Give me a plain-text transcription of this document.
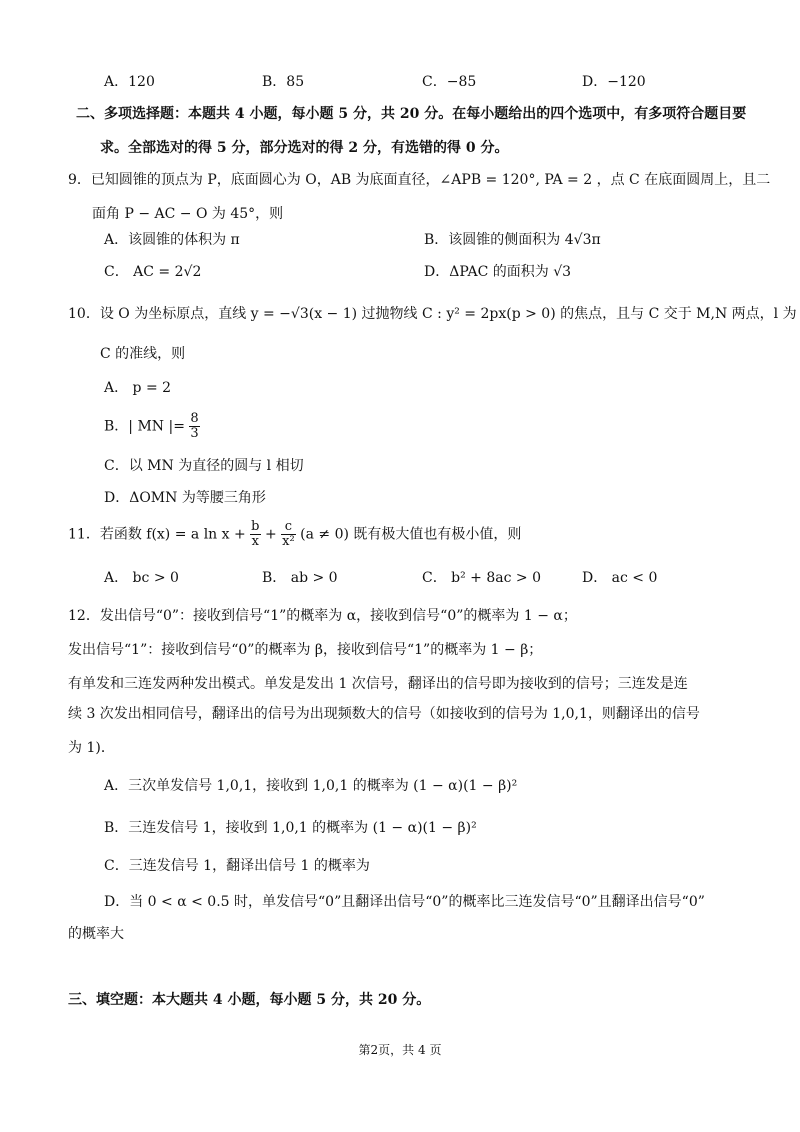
A．120	B．85	C．−85	D．−120
二、多项选择题：本题共 4 小题，每小题 5 分，共 20 分。在每小题给出的四个选项中，有多项符合题目要
求。全部选对的得 5 分，部分选对的得 2 分，有选错的得 0 分。
9．已知圆锥的顶点为 P，底面圆心为 O，AB 为底面直径，∠APB = 120°, PA = 2 ，点 C 在底面圆周上，且二
面角 P − AC − O 为 45°，则
A．该圆锥的体积为 π	B．该圆锥的侧面积为 4√3π
C． AC = 2√2	D．ΔPAC 的面积为 √3
10．设 O 为坐标原点，直线 y = −√3(x − 1) 过抛物线 C : y² = 2px(p > 0) 的焦点，且与 C 交于 M,N 两点，l 为
C 的准线，则
A． p = 2
B．| MN |= $\frac{8}{3}$
C．以 MN 为直径的圆与 l 相切
D．ΔOMN 为等腰三角形
11．若函数 f(x) = a $\ln x + \frac{b}{x} + \frac{c}{\text{x²}} (a \ne 0)$ 既有极大值也有极小值，则
A． bc > 0	B． ab > 0	C． b² + 8ac > 0	D． ac < 0
12．发出信号“0”：接收到信号“1”的概率为 α，接收到信号“0”的概率为 1 − α；
发出信号“1”：接收到信号“0”的概率为 β，接收到信号“1”的概率为 1 − β；
有单发和三连发两种发出模式。单发是发出 1 次信号，翻译出的信号即为接收到的信号；三连发是连
续 3 次发出相同信号，翻译出的信号为出现频数大的信号（如接收到的信号为 1,0,1，则翻译出的信号
为 1)．
A．三次单发信号 1,0,1，接收到 1,0,1 的概率为 (1 − α)(1 − β)²
B．三连发信号 1，接收到 1,0,1 的概率为 (1 − α)(1 − β)²
C．三连发信号 1，翻译出信号 1 的概率为
D．当 0 < α < 0.5 时，单发信号“0”且翻译出信号“0”的概率比三连发信号“0”且翻译出信号“0”
的概率大
三、填空题：本大题共 4 小题，每小题 5 分，共 20 分。
第2页，共 4 页
